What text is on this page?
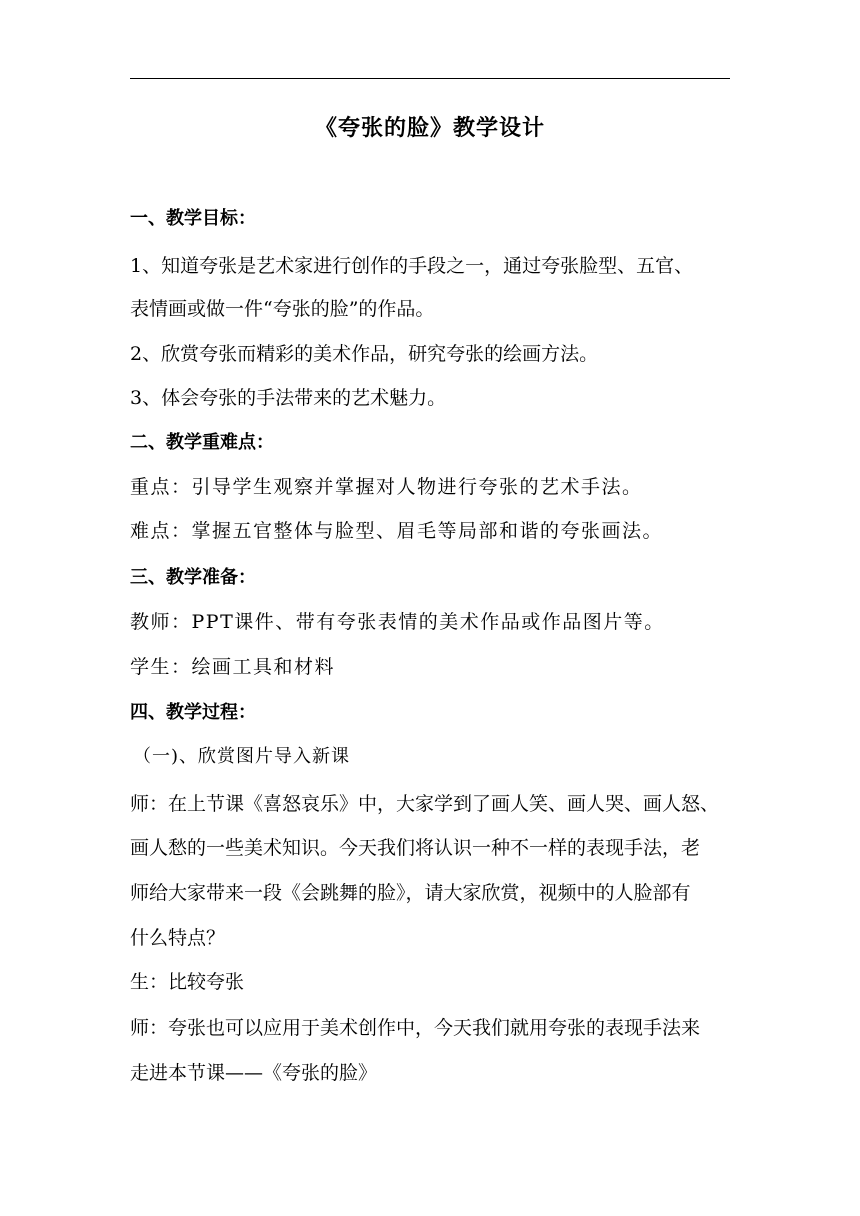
《夸张的脸》教学设计
一、教学目标：
1、知道夸张是艺术家进行创作的手段之一，通过夸张脸型、五官、
表情画或做一件“夸张的脸”的作品。
2、欣赏夸张而精彩的美术作品，研究夸张的绘画方法。
3、体会夸张的手法带来的艺术魅力。
二、教学重难点：
重点：引导学生观察并掌握对人物进行夸张的艺术手法。
难点：掌握五官整体与脸型、眉毛等局部和谐的夸张画法。
三、教学准备：
教师：PPT课件、带有夸张表情的美术作品或作品图片等。
学生：绘画工具和材料
四、教学过程：
（一)、欣赏图片导入新课
师：在上节课《喜怒哀乐》中，大家学到了画人笑、画人哭、画人怒、
画人愁的一些美术知识。今天我们将认识一种不一样的表现手法，老
师给大家带来一段《会跳舞的脸》，请大家欣赏，视频中的人脸部有
什么特点？
生：比较夸张
师：夸张也可以应用于美术创作中，今天我们就用夸张的表现手法来
走进本节课——《夸张的脸》
